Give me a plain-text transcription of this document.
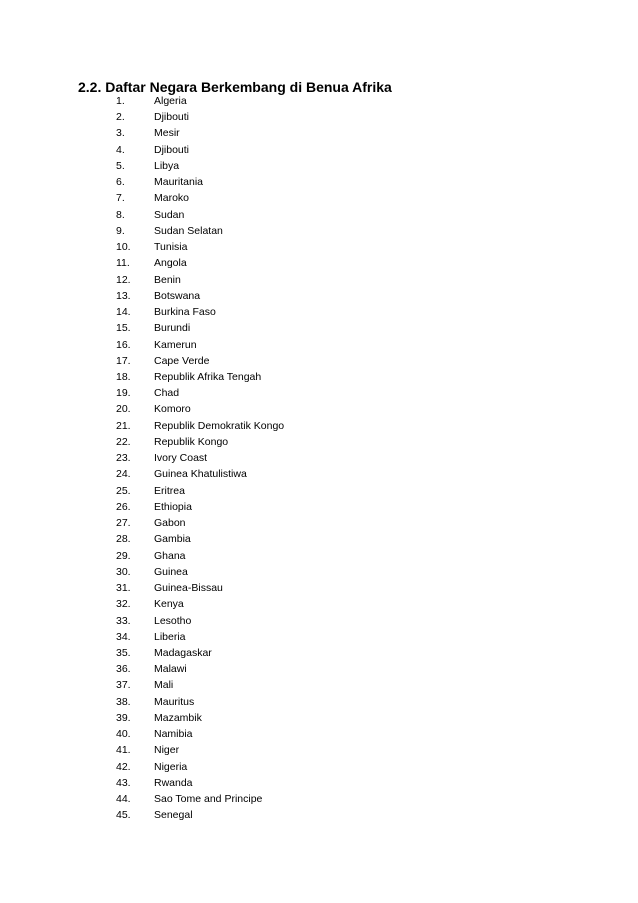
2.2. Daftar Negara Berkembang di Benua Afrika
1.	Algeria
2.	Djibouti
3.	Mesir
4.	Djibouti
5.	Libya
6.	Mauritania
7.	Maroko
8.	Sudan
9.	Sudan Selatan
10. Tunisia
11. Angola
12. Benin
13. Botswana
14. Burkina Faso
15. Burundi
16. Kamerun
17. Cape Verde
18. Republik Afrika Tengah
19. Chad
20. Komoro
21. Republik Demokratik Kongo
22. Republik Kongo
23. Ivory Coast
24. Guinea Khatulistiwa
25. Eritrea
26. Ethiopia
27. Gabon
28. Gambia
29. Ghana
30. Guinea
31. Guinea-Bissau
32. Kenya
33. Lesotho
34. Liberia
35. Madagaskar
36. Malawi
37. Mali
38. Mauritus
39. Mazambik
40. Namibia
41. Niger
42. Nigeria
43. Rwanda
44. Sao Tome and Principe
45. Senegal
